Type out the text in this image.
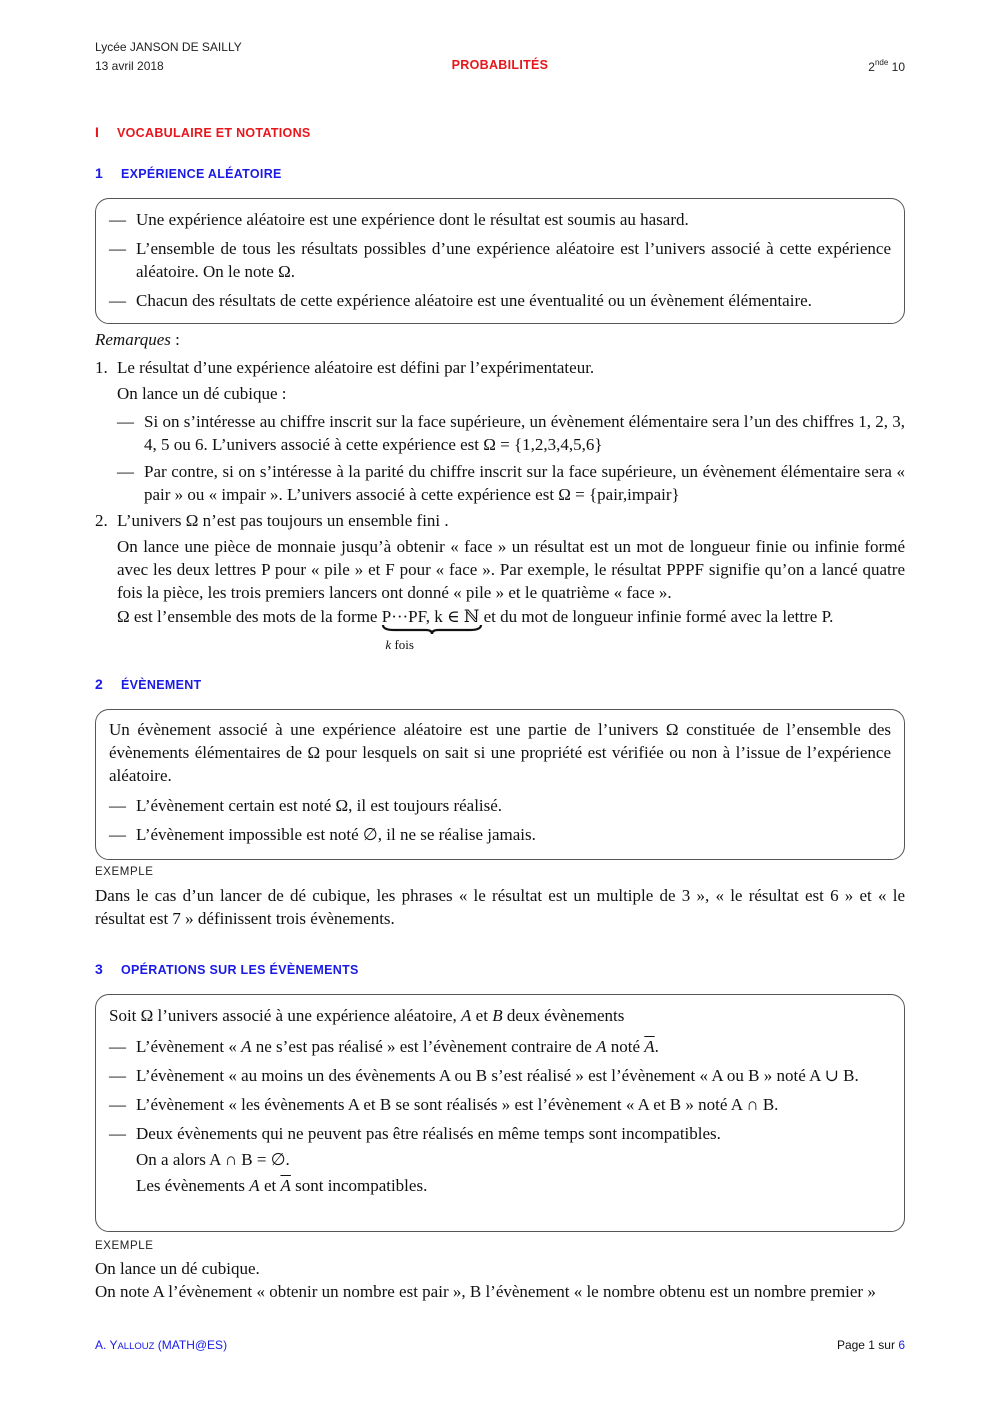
Lycée JANSON DE SAILLY
13 avril 2018	PROBABILITÉS	2nde 10
I VOCABULAIRE ET NOTATIONS
1 EXPÉRIENCE ALÉATOIRE
— Une expérience aléatoire est une expérience dont le résultat est soumis au hasard.
— L’ensemble de tous les résultats possibles d’une expérience aléatoire est l’univers associé à cette expérience aléatoire. On le note Ω.
— Chacun des résultats de cette expérience aléatoire est une éventualité ou un évènement élémentaire.
Remarques :
1. Le résultat d’une expérience aléatoire est défini par l’expérimentateur.
On lance un dé cubique :
— Si on s’intéresse au chiffre inscrit sur la face supérieure, un évènement élémentaire sera l’un des chiffres 1, 2, 3, 4, 5 ou 6. L’univers associé à cette expérience est Ω = {1,2,3,4,5,6}
— Par contre, si on s’intéresse à la parité du chiffre inscrit sur la face supérieure, un évènement élémentaire sera « pair » ou « impair ». L’univers associé à cette expérience est Ω = {pair,impair}
2. L’univers Ω n’est pas toujours un ensemble fini .
On lance une pièce de monnaie jusqu’à obtenir « face » un résultat est un mot de longueur finie ou infinie formé avec les deux lettres P pour « pile » et F pour « face ». Par exemple, le résultat PPPF signifie qu’on a lancé quatre fois la pièce, les trois premiers lancers ont donné « pile » et le quatrième « face ».
Ω est l’ensemble des mots de la forme P···P
k fois
F, k ∈ ℕ et du mot de longueur infinie formé avec la lettre P.
2 ÉVÈNEMENT
Un évènement associé à une expérience aléatoire est une partie de l’univers Ω constituée de l’ensemble des évènements élémentaires de Ω pour lesquels on sait si une propriété est vérifiée ou non à l’issue de l’expérience aléatoire.
— L’évènement certain est noté Ω, il est toujours réalisé.
— L’évènement impossible est noté ∅, il ne se réalise jamais.
EXEMPLE
Dans le cas d’un lancer de dé cubique, les phrases « le résultat est un multiple de 3 », « le résultat est 6 » et « le résultat est 7 » définissent trois évènements.
3 OPÉRATIONS SUR LES ÉVÈNEMENTS
Soit Ω l’univers associé à une expérience aléatoire, A et B deux évènements
— L’évènement « A ne s’est pas réalisé » est l’évènement contraire de A noté $\overline{A}$.
— L’évènement « au moins un des évènements A ou B s’est réalisé » est l’évènement « A ou B » noté A ∪ B.
— L’évènement « les évènements A et B se sont réalisés » est l’évènement « A et B » noté A ∩ B.
— Deux évènements qui ne peuvent pas être réalisés en même temps sont incompatibles.
On a alors A ∩ B = ∅.
Les évènements A et $\overline{A}$ sont incompatibles.
EXEMPLE
On lance un dé cubique.
On note A l’évènement « obtenir un nombre est pair », B l’évènement « le nombre obtenu est un nombre premier »
A. YALLOUZ (MATH@ES)	Page 1 sur 6
